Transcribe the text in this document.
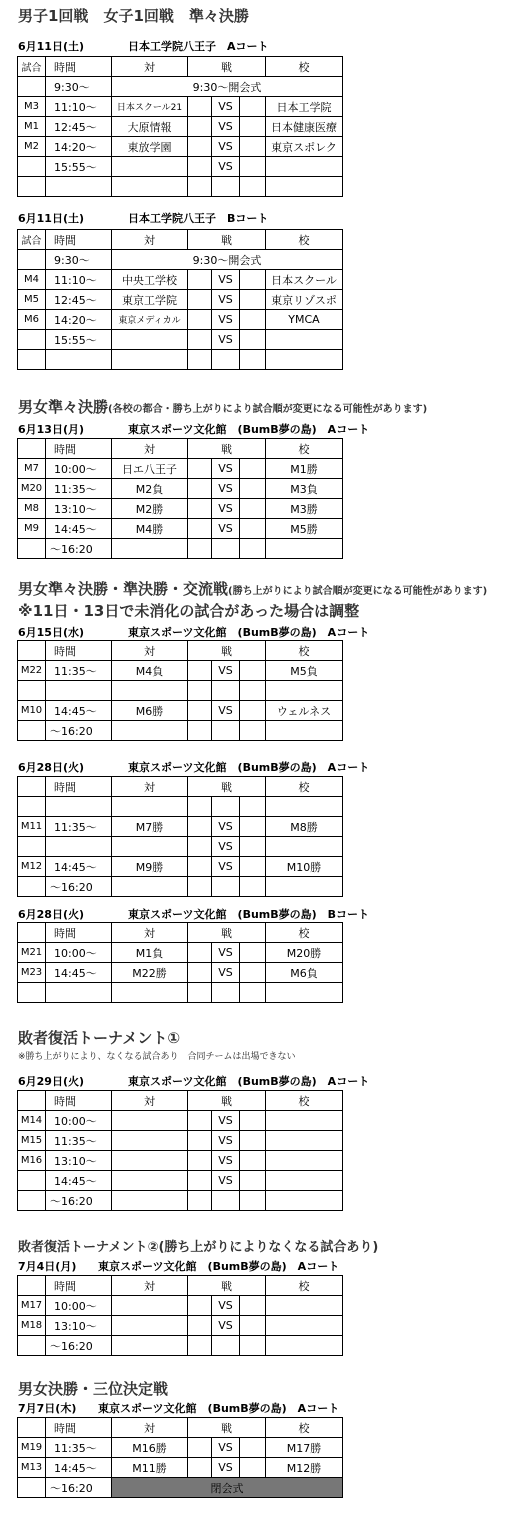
男子1回戦　女子1回戦　準々決勝
6月11日(土)	日本工学院八王子　Aコート
試合	時間	対	戦			校
	9:30～	9:30～開会式				
M3	11:10～	日本スクール21		VS		日本工学院
M1	12:45～	大原情報		VS		日本健康医療
M2	14:20～	東放学園		VS		東京スポレク
	15:55～			VS		

6月11日(土)	日本工学院八王子　Bコート
試合	時間	対	戦			校
	9:30～	9:30～開会式				
M4	11:10～	中央工学校		VS		日本スクール
M5	12:45～	東京工学院		VS		東京リゾスポ
M6	14:20～	東京メディカル		VS		YMCA
	15:55～			VS		

男女準々決勝(各校の都合・勝ち上がりにより試合順が変更になる可能性があります)
6月13日(月)	東京スポーツ文化館　(BumB夢の島)　Aコート
	時間	対	戦			校
M7	10:00～	日エ八王子		VS		M1勝
M20	11:35～	M2負		VS		M3負
M8	13:10～	M2勝		VS		M3勝
M9	14:45～	M4勝		VS		M5勝
	～16:20					
男女準々決勝・準決勝・交流戦(勝ち上がりにより試合順が変更になる可能性があります)
※11日・13日で未消化の試合があった場合は調整
6月15日(水)	東京スポーツ文化館　(BumB夢の島)　Aコート
	時間	対	戦			校
M22	11:35～	M4負		VS		M5負

M10	14:45～	M6勝		VS		ウェルネス
	～16:20					
6月28日(火)	東京スポーツ文化館　(BumB夢の島)　Aコート
	時間	対	戦			校

M11	11:35～	M7勝		VS		M8勝
				VS		
M12	14:45～	M9勝		VS		M10勝
	～16:20					
6月28日(火)	東京スポーツ文化館　(BumB夢の島)　Bコート
	時間	対	戦			校
M21	10:00～	M1負		VS		M20勝
M23	14:45～	M22勝		VS		M6負

敗者復活トーナメント①
※勝ち上がりにより、なくなる試合あり　合同チームは出場できない
6月29日(火)	東京スポーツ文化館　(BumB夢の島)　Aコート
	時間	対	戦			校
M14	10:00～			VS		
M15	11:35～			VS		
M16	13:10～			VS		
	14:45～			VS		
	～16:20					
敗者復活トーナメント②(勝ち上がりによりなくなる試合あり)
7月4日(月) 東京スポーツ文化館　(BumB夢の島)　Aコート
	時間	対	戦			校
M17	10:00～			VS		
M18	13:10～			VS		
	～16:20					
男女決勝・三位決定戦
7月7日(木) 東京スポーツ文化館　(BumB夢の島)　Aコート
	時間	対	戦			校
M19	11:35～	M16勝		VS		M17勝
M13	14:45～	M11勝		VS		M12勝
	～16:20	閉会式				
